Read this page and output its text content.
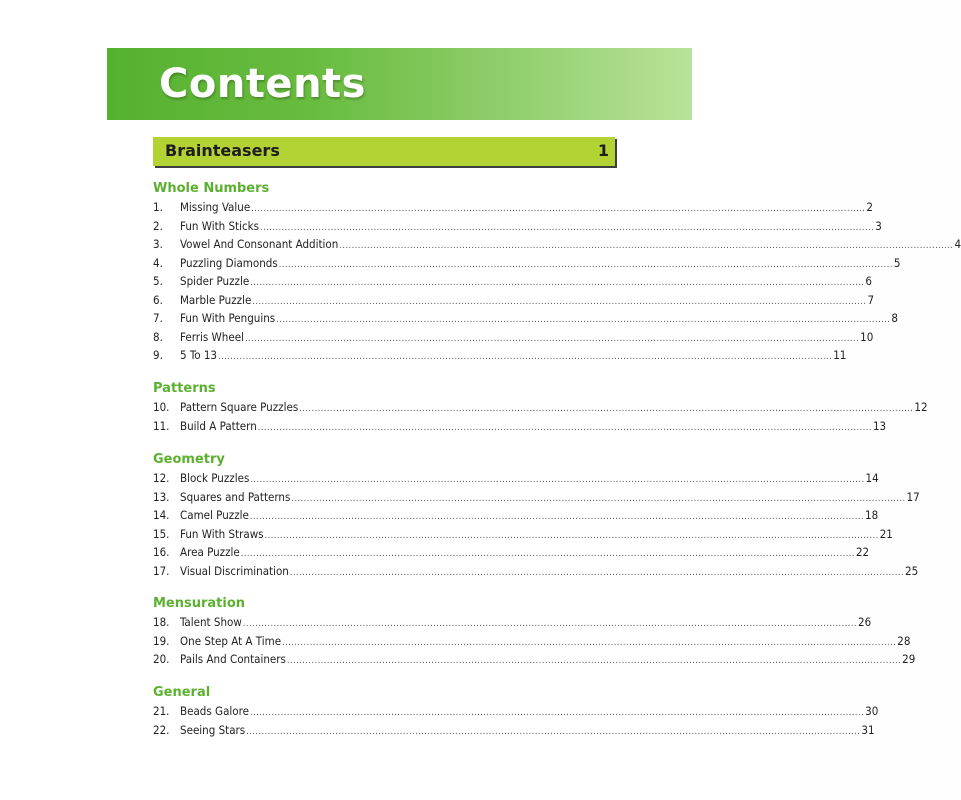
Contents
Brainteasers	1
Whole Numbers
1.	Missing Value ........................................................................................................................................................................................................ 2
2.	Fun With Sticks ........................................................................................................................................................................................................ 3
3.	Vowel And Consonant Addition ........................................................................................................................................................................................................ 4
4.	Puzzling Diamonds ........................................................................................................................................................................................................ 5
5.	Spider Puzzle ........................................................................................................................................................................................................ 6
6.	Marble Puzzle ........................................................................................................................................................................................................ 7
7.	Fun With Penguins ........................................................................................................................................................................................................ 8
8.	Ferris Wheel ........................................................................................................................................................................................................ 10
9.	5 To 13 ........................................................................................................................................................................................................ 11
Patterns
10. Pattern Square Puzzles ........................................................................................................................................................................................................ 12
11. Build A Pattern ........................................................................................................................................................................................................ 13
Geometry
12. Block Puzzles ........................................................................................................................................................................................................ 14
13. Squares and Patterns ........................................................................................................................................................................................................ 17
14. Camel Puzzle ........................................................................................................................................................................................................ 18
15. Fun With Straws ........................................................................................................................................................................................................ 21
16. Area Puzzle ........................................................................................................................................................................................................ 22
17. Visual Discrimination ........................................................................................................................................................................................................ 25
Mensuration
18. Talent Show ........................................................................................................................................................................................................ 26
19. One Step At A Time ........................................................................................................................................................................................................ 28
20. Pails And Containers ........................................................................................................................................................................................................ 29
General
21. Beads Galore ........................................................................................................................................................................................................ 30
22. Seeing Stars ........................................................................................................................................................................................................ 31
